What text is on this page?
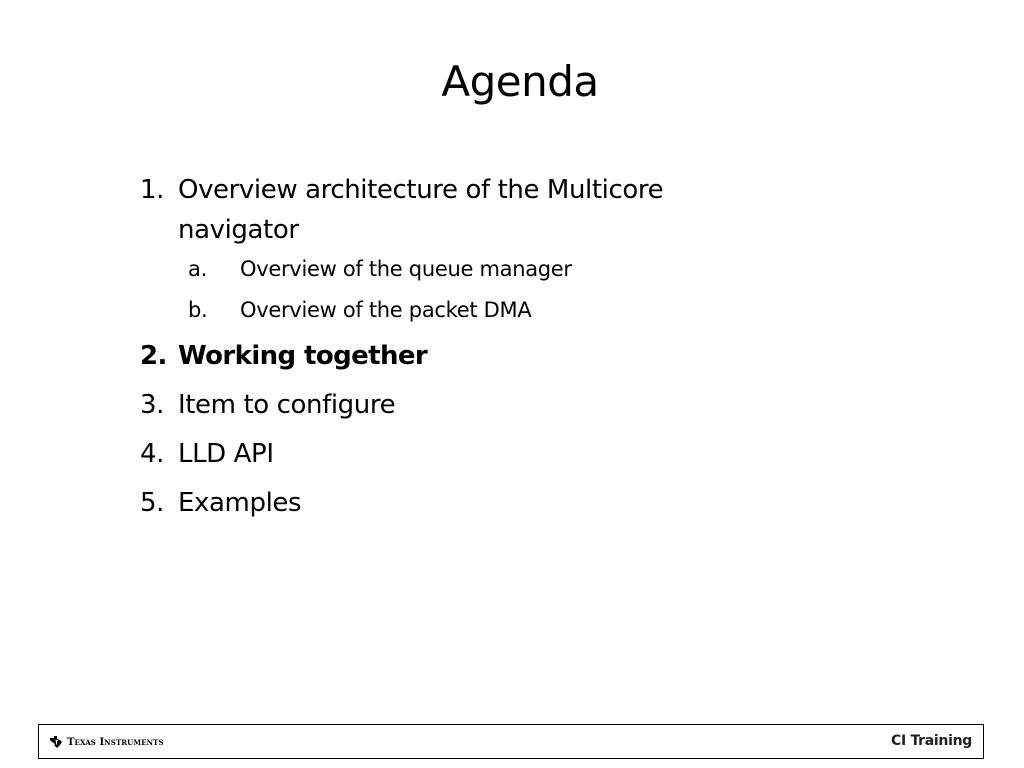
Agenda
1. Overview architecture of the Multicore navigator
a. Overview of the queue manager
b. Overview of the packet DMA
2. Working together
3. Item to configure
4. LLD API
5. Examples
Texas Instruments	CI Training
